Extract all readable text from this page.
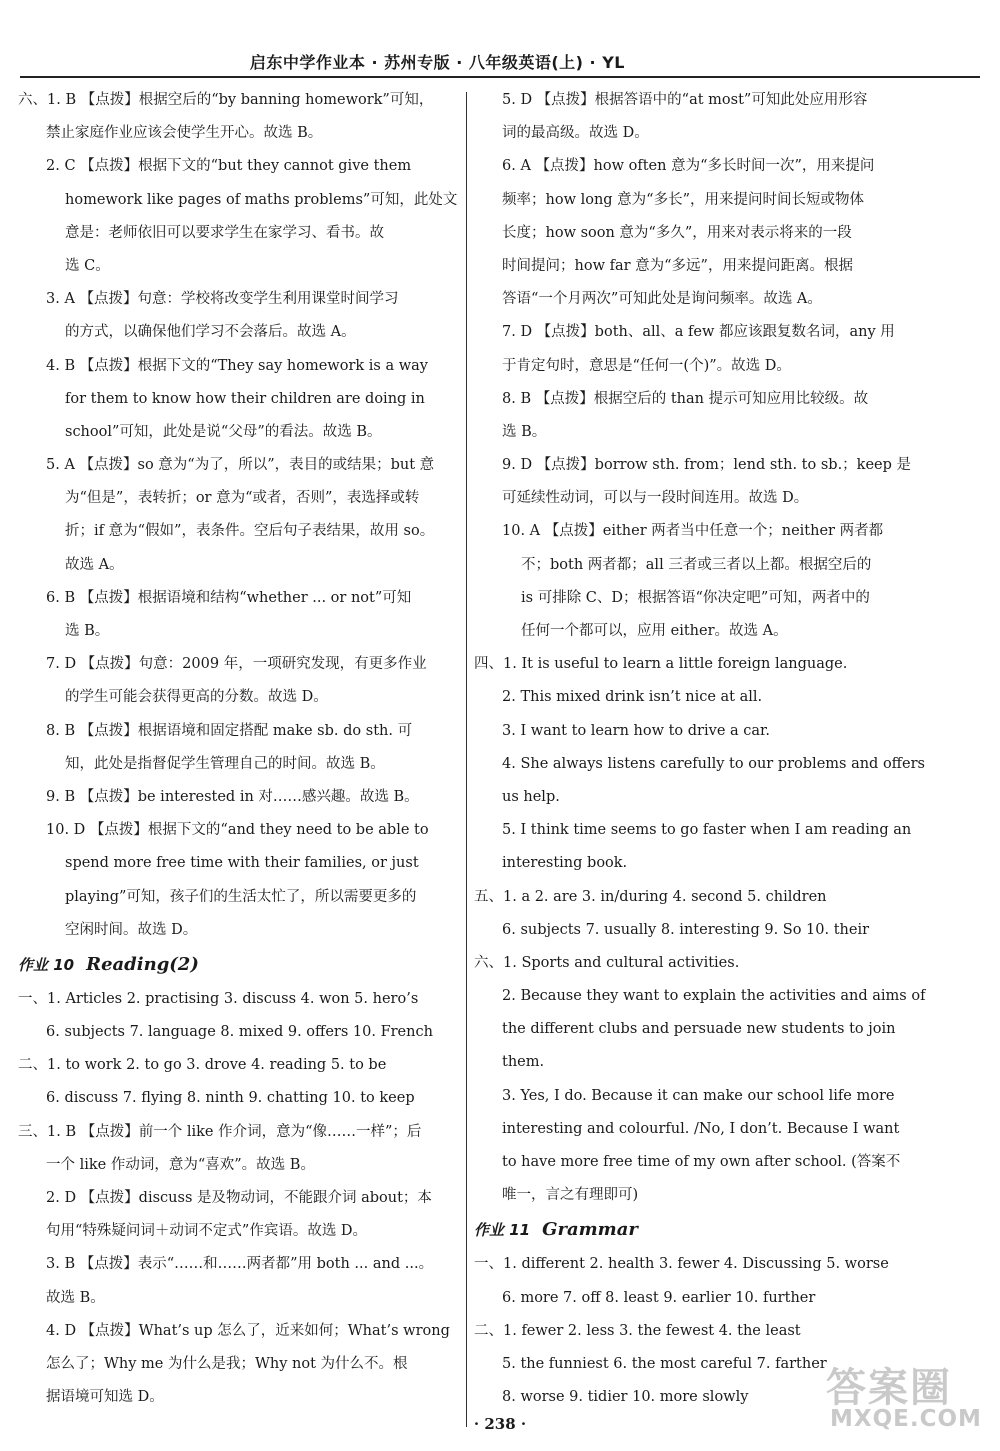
启东中学作业本 · 苏州专版 · 八年级英语(上) · YL
六、1. B 【点拨】根据空后的“by banning homework”可知，
禁止家庭作业应该会使学生开心。故选 B。
2. C 【点拨】根据下文的“but they cannot give them
homework like pages of maths problems”可知，此处文
意是：老师依旧可以要求学生在家学习、看书。故
选 C。
3. A 【点拨】句意：学校将改变学生利用课堂时间学习
的方式，以确保他们学习不会落后。故选 A。
4. B 【点拨】根据下文的“They say homework is a way
for them to know how their children are doing in
school”可知，此处是说“父母”的看法。故选 B。
5. A 【点拨】so 意为“为了，所以”，表目的或结果；but 意
为“但是”，表转折；or 意为“或者，否则”，表选择或转
折；if 意为“假如”，表条件。空后句子表结果，故用 so。
故选 A。
6. B 【点拨】根据语境和结构“whether ... or not”可知
选 B。
7. D 【点拨】句意：2009 年，一项研究发现，有更多作业
的学生可能会获得更高的分数。故选 D。
8. B 【点拨】根据语境和固定搭配 make sb. do sth. 可
知，此处是指督促学生管理自己的时间。故选 B。
9. B 【点拨】be interested in 对……感兴趣。故选 B。
10. D 【点拨】根据下文的“and they need to be able to
spend more free time with their families, or just
playing”可知，孩子们的生活太忙了，所以需要更多的
空闲时间。故选 D。
作业 10 Reading(2)
一、1. Articles 2. practising 3. discuss 4. won 5. hero’s
6. subjects 7. language 8. mixed 9. offers 10. French
二、1. to work 2. to go 3. drove 4. reading 5. to be
6. discuss 7. flying 8. ninth 9. chatting 10. to keep
三、1. B 【点拨】前一个 like 作介词，意为“像……一样”；后
一个 like 作动词，意为“喜欢”。故选 B。
2. D 【点拨】discuss 是及物动词，不能跟介词 about；本
句用“特殊疑问词＋动词不定式”作宾语。故选 D。
3. B 【点拨】表示“……和……两者都”用 both ... and ...。
故选 B。
4. D 【点拨】What’s up 怎么了，近来如何；What’s wrong
怎么了；Why me 为什么是我；Why not 为什么不。根
据语境可知选 D。
5. D 【点拨】根据答语中的“at most”可知此处应用形容
词的最高级。故选 D。
6. A 【点拨】how often 意为“多长时间一次”，用来提问
频率；how long 意为“多长”，用来提问时间长短或物体
长度；how soon 意为“多久”，用来对表示将来的一段
时间提问；how far 意为“多远”，用来提问距离。根据
答语“一个月两次”可知此处是询问频率。故选 A。
7. D 【点拨】both、all、a few 都应该跟复数名词，any 用
于肯定句时，意思是“任何一(个)”。故选 D。
8. B 【点拨】根据空后的 than 提示可知应用比较级。故
选 B。
9. D 【点拨】borrow sth. from；lend sth. to sb.；keep 是
可延续性动词，可以与一段时间连用。故选 D。
10. A 【点拨】either 两者当中任意一个；neither 两者都
不；both 两者都；all 三者或三者以上都。根据空后的
is 可排除 C、D；根据答语“你决定吧”可知，两者中的
任何一个都可以，应用 either。故选 A。
四、1. It is useful to learn a little foreign language.
2. This mixed drink isn’t nice at all.
3. I want to learn how to drive a car.
4. She always listens carefully to our problems and offers
us help.
5. I think time seems to go faster when I am reading an
interesting book.
五、1. a 2. are 3. in/during 4. second 5. children
6. subjects 7. usually 8. interesting 9. So 10. their
六、1. Sports and cultural activities.
2. Because they want to explain the activities and aims of
the different clubs and persuade new students to join
them.
3. Yes, I do. Because it can make our school life more
interesting and colourful. /No, I don’t. Because I want
to have more free time of my own after school. (答案不
唯一，言之有理即可)
作业 11 Grammar
一、1. different 2. health 3. fewer 4. Discussing 5. worse
6. more 7. off 8. least 9. earlier 10. further
二、1. fewer 2. less 3. the fewest 4. the least
5. the funniest 6. the most careful 7. farther
8. worse 9. tidier 10. more slowly
· 238 ·
答案圈
MXQE.COM
